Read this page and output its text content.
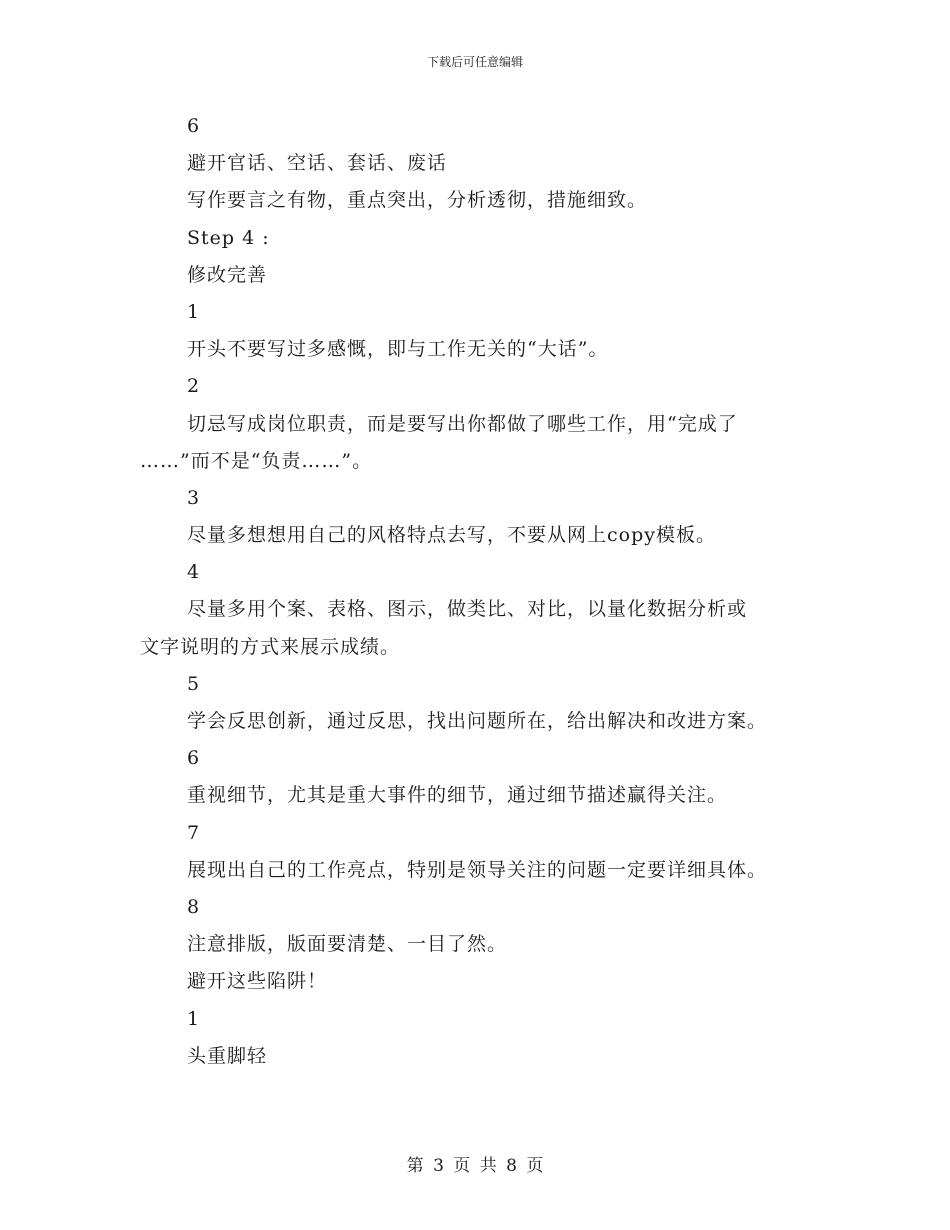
下载后可任意编辑
6
避开官话、空话、套话、废话
写作要言之有物，重点突出，分析透彻，措施细致。
Step 4 :
修改完善
1
开头不要写过多感慨，即与工作无关的“大话”。
2
切忌写成岗位职责，而是要写出你都做了哪些工作，用“完成了
……”而不是“负责……”。
3
尽量多想想用自己的风格特点去写，不要从网上copy模板。
4
尽量多用个案、表格、图示，做类比、对比，以量化数据分析或
文字说明的方式来展示成绩。
5
学会反思创新，通过反思，找出问题所在，给出解决和改进方案。
6
重视细节，尤其是重大事件的细节，通过细节描述赢得关注。
7
展现出自己的工作亮点，特别是领导关注的问题一定要详细具体。
8
注意排版，版面要清楚、一目了然。
避开这些陷阱！
1
头重脚轻
第 3 页 共 8 页
